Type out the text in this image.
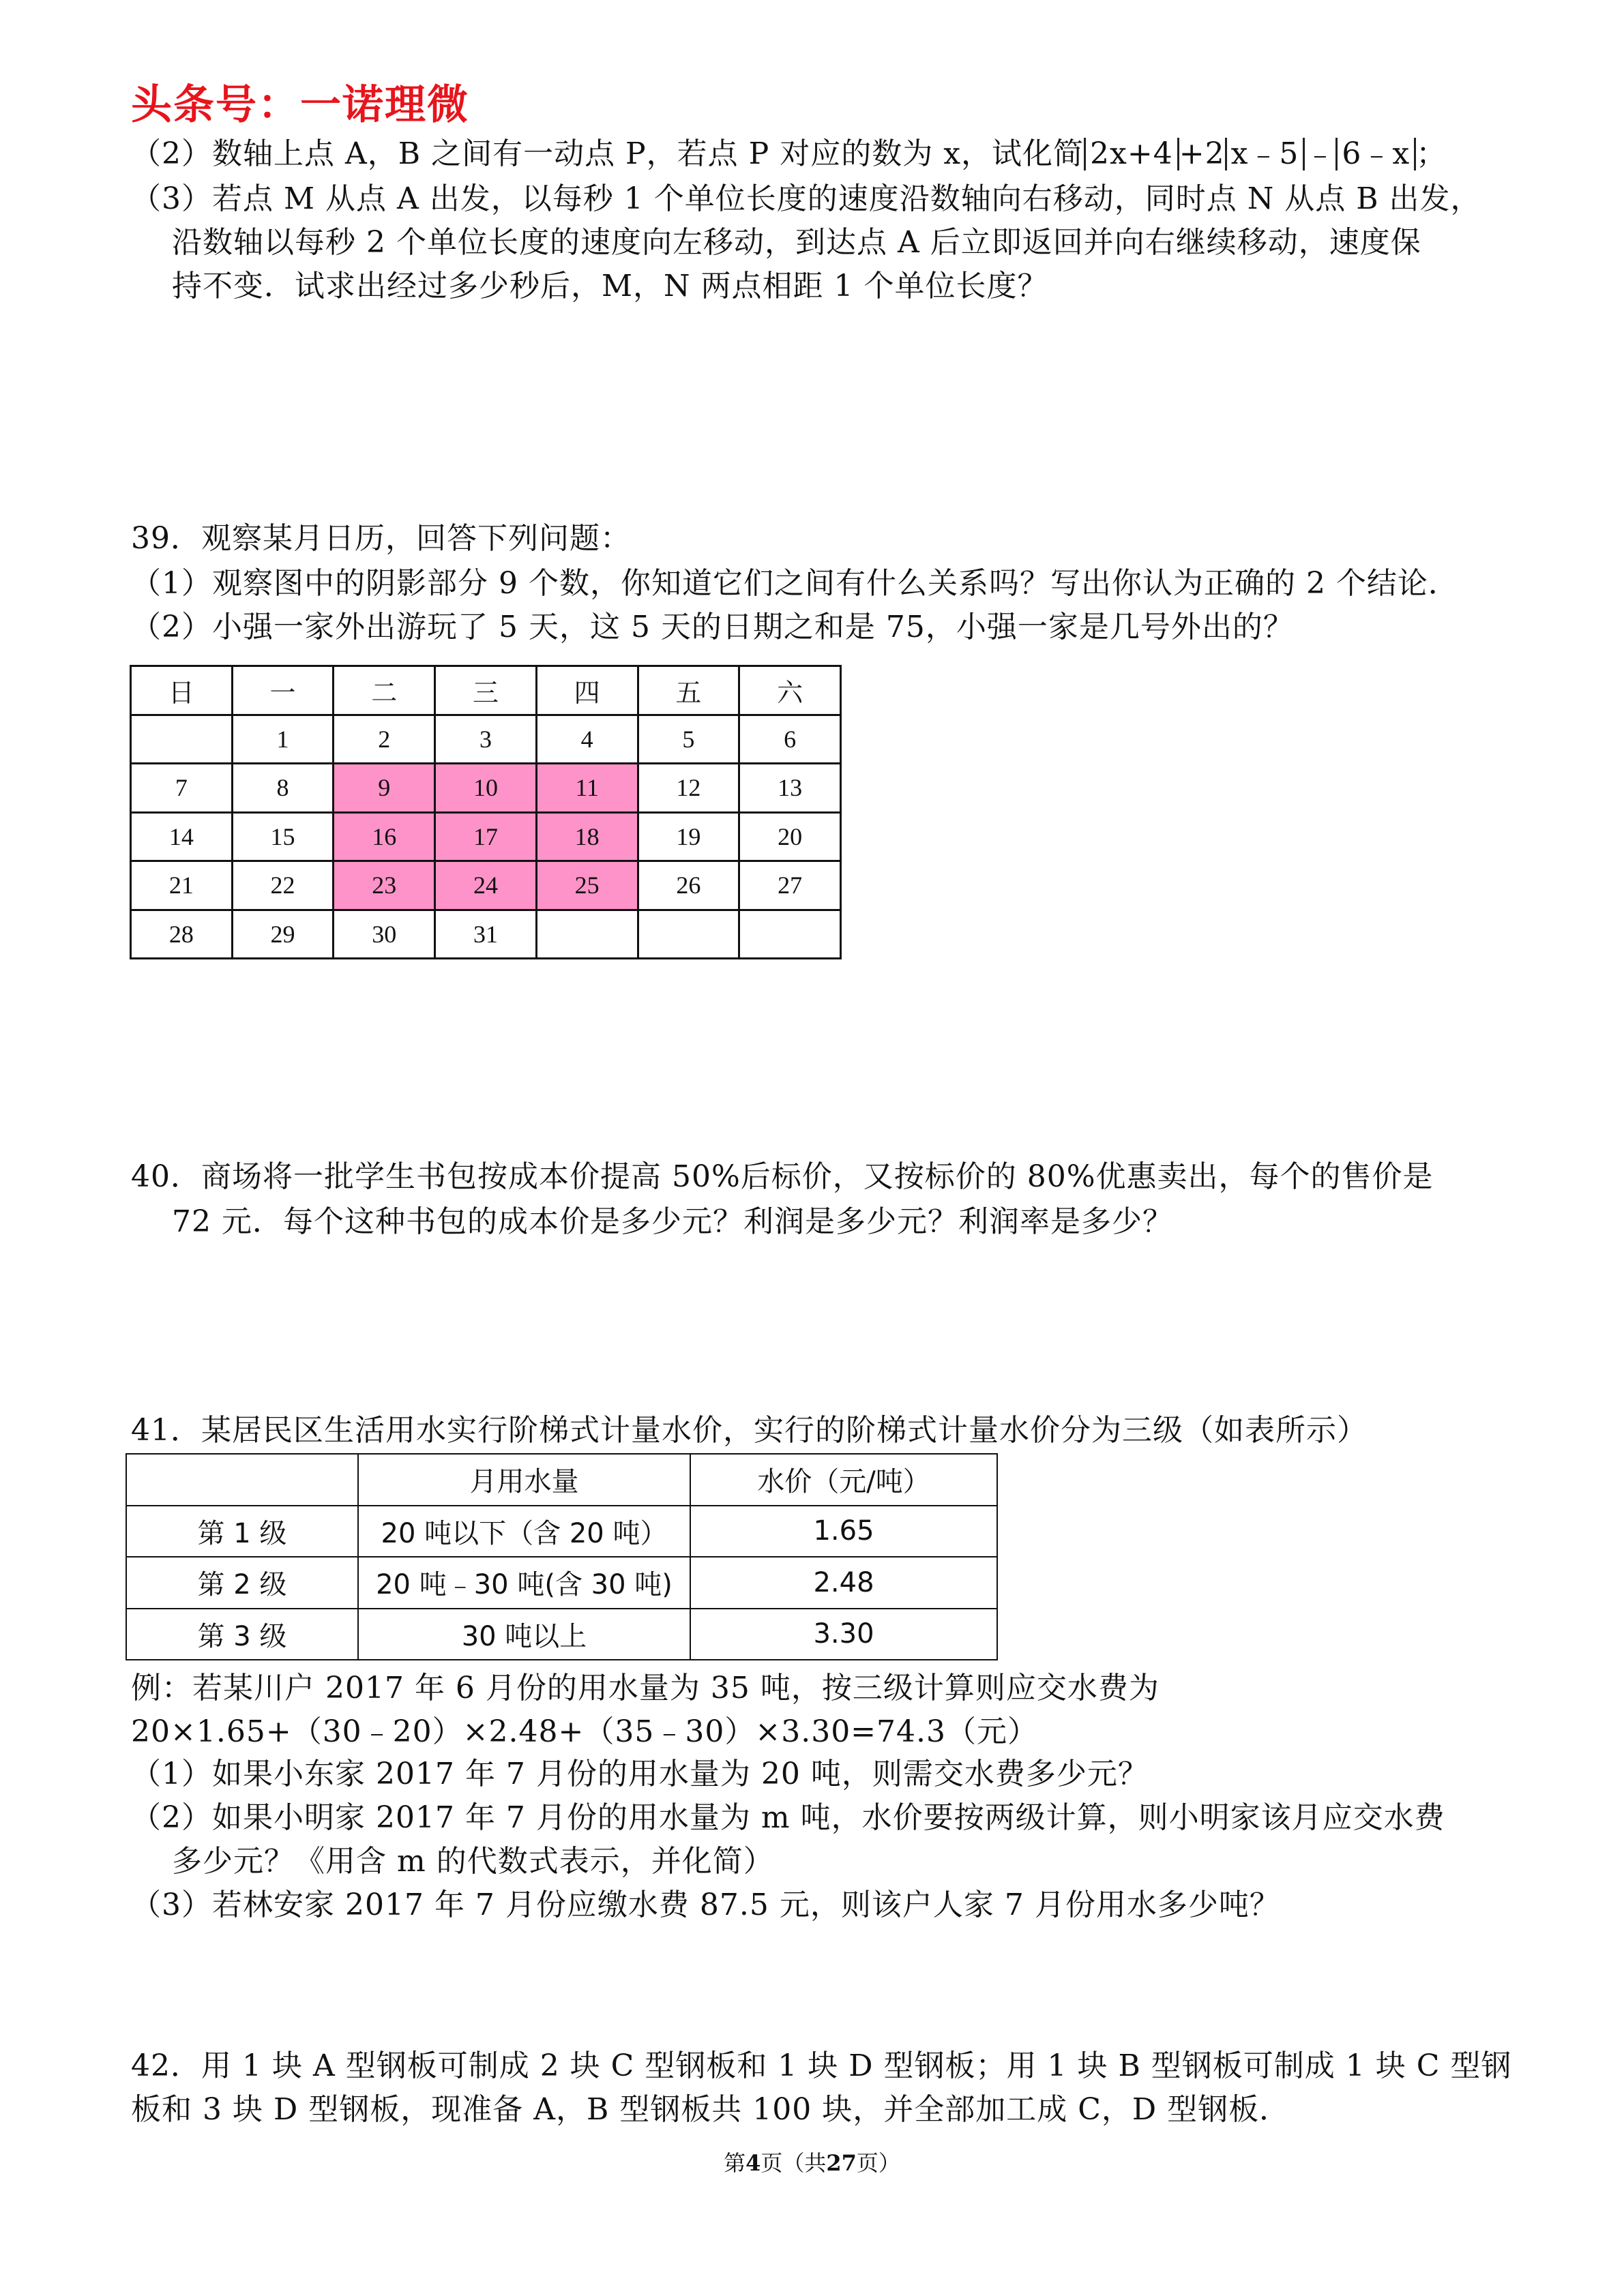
头条号：一诺理微
（2）数轴上点 A，B 之间有一动点 P，若点 P 对应的数为 x，试化简 2x+4 +2 x﹣5 ﹣ 6﹣x ；
（3）若点 M 从点 A 出发，以每秒 1 个单位长度的速度沿数轴向右移动，同时点 N 从点 B 出发，
沿数轴以每秒 2 个单位长度的速度向左移动，到达点 A 后立即返回并向右继续移动，速度保
持不变．试求出经过多少秒后，M，N 两点相距 1 个单位长度？
39．观察某月日历，回答下列问题：
（1）观察图中的阴影部分 9 个数，你知道它们之间有什么关系吗？写出你认为正确的 2 个结论．
（2）小强一家外出游玩了 5 天，这 5 天的日期之和是 75，小强一家是几号外出的？
日	一	二	三	四	五	六
	1	2	3	4	5	6
7	8	9	10	11	12	13
14	15	16	17	18	19	20
21	22	23	24	25	26	27
28	29	30	31			
40．商场将一批学生书包按成本价提高 50%后标价，又按标价的 80%优惠卖出，每个的售价是
72 元．每个这种书包的成本价是多少元？利润是多少元？利润率是多少？
41．某居民区生活用水实行阶梯式计量水价，实行的阶梯式计量水价分为三级（如表所示）
	月用水量	水价（元/吨）
第 1 级	20 吨以下（含 20 吨）	1.65
第 2 级	20 吨﹣30 吨(含 30 吨)	2.48
第 3 级	30 吨以上	3.30
例：若某川户 2017 年 6 月份的用水量为 35 吨，按三级计算则应交水费为
20×1.65+（30﹣20）×2.48+（35﹣30）×3.30=74.3（元）
（1）如果小东家 2017 年 7 月份的用水量为 20 吨，则需交水费多少元？
（2）如果小明家 2017 年 7 月份的用水量为 m 吨，水价要按两级计算，则小明家该月应交水费
多少元？《用含 m 的代数式表示，并化简）
（3）若林安家 2017 年 7 月份应缴水费 87.5 元，则该户人家 7 月份用水多少吨？
42．用 1 块 A 型钢板可制成 2 块 C 型钢板和 1 块 D 型钢板；用 1 块 B 型钢板可制成 1 块 C 型钢
板和 3 块 D 型钢板，现准备 A，B 型钢板共 100 块，并全部加工成 C，D 型钢板．
第4页（共27页）
